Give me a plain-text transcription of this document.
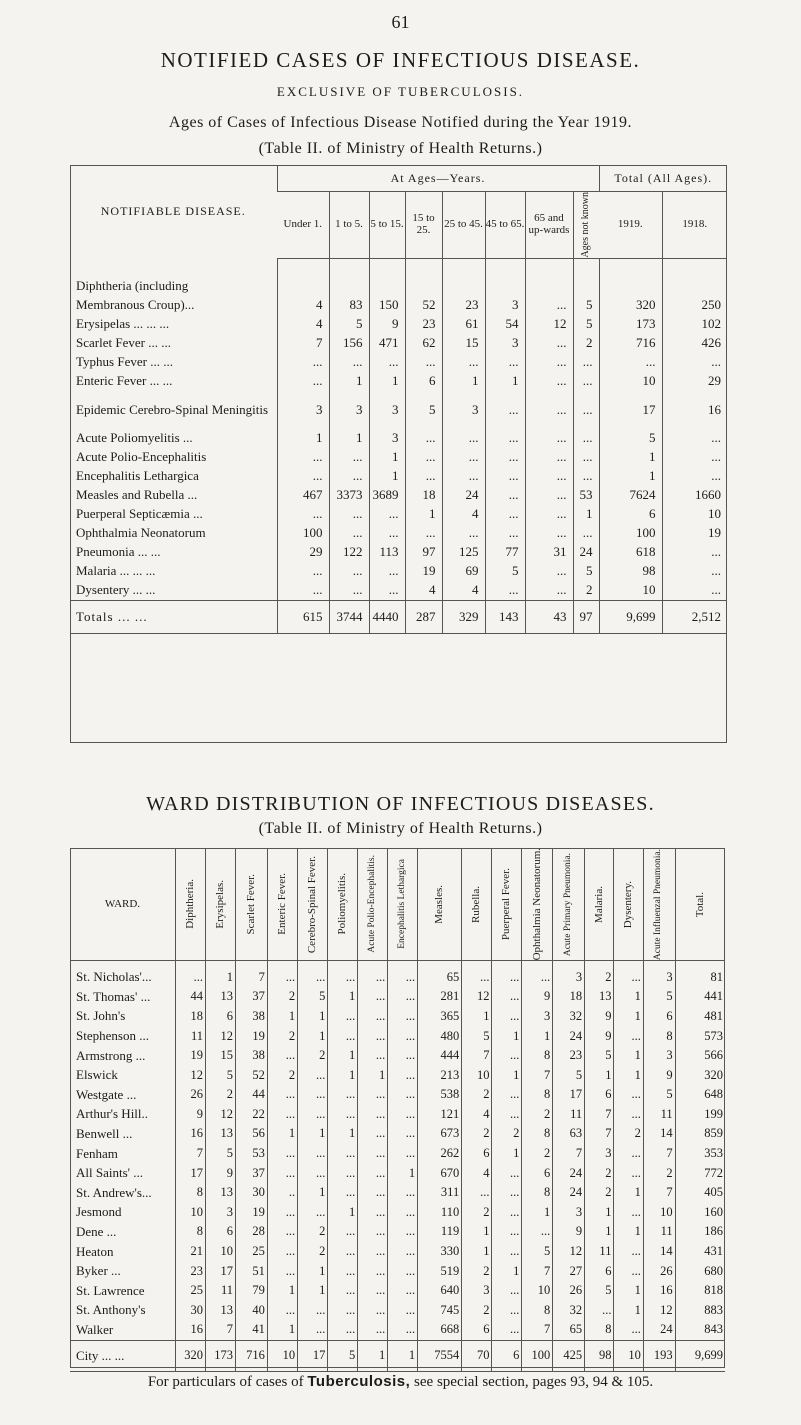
61
NOTIFIED CASES OF INFECTIOUS DISEASE.
EXCLUSIVE OF TUBERCULOSIS.
Ages of Cases of Infectious Disease Notified during the Year 1919.
(Table II. of Ministry of Health Returns.)
NOTIFIABLE DISEASE.	At Ages—Years.								Total (All Ages).	
	Under 1.	1 to 5.	5 to 15.	15 to 25.	25 to 45.	45 to 65.	65 and up-wards	Ages not known		

									1919.	1918.

Diphtheria (including										
Membranous Croup)...	4	83	150	52	23	3	...	5	320	250
Erysipelas ... ... ...	4	5	9	23	61	54	12	5	173	102
Scarlet Fever ... ...	7	156	471	62	15	3	...	2	716	426
Typhus Fever ... ...	...	...	...	...	...	...	...	...	...	...
Enteric Fever ... ...	...	1	1	6	1	1	...	...	10	29
Epidemic Cerebro-Spinal Meningitis	3	3	3	5	3	...	...	...	17	16
Acute Poliomyelitis ...	1	1	3	...	...	...	...	...	5	...
Acute Polio-Encephalitis	...	...	1	...	...	...	...	...	1	...
Encephalitis Lethargica	...	...	1	...	...	...	...	...	1	...
Measles and Rubella ...	467	3373	3689	18	24	...	...	53	7624	1660
Puerperal Septicæmia ...	...	...	...	1	4	...	...	1	6	10
Ophthalmia Neonatorum	100	...	...	...	...	...	...	...	100	19
Pneumonia ... ...	29	122	113	97	125	77	31	24	618	...
Malaria ... ... ...	...	...	...	19	69	5	...	5	98	...
Dysentery ... ...	...	...	...	4	4	...	...	2	10	...
Totals ... ...	615	3744	4440	287	329	143	43	97	9,699	2,512
WARD DISTRIBUTION OF INFECTIOUS DISEASES.
(Table II. of Ministry of Health Returns.)
WARD.	Diphtheria.	Erysipelas.	Scarlet Fever.	Enteric Fever.	Cerebro-Spinal Fever.	Poliomyelitis.	Acute Polio-Encephalitis.	Encephalitis Lethargica	Measles.	Rubella.	Puerperal Fever.	Ophthalmia Neonatorum.	Acute Primary Pneumonia.	Malaria.	Dysentery.	Acute Influenzal Pneumonia.	Total.

St. Nicholas'...	...	1	7	...	...	...	...	...	65	...	...	...	3	2	...	3	81
St. Thomas' ...	44	13	37	2	5	1	...	...	281	12	...	9	18	13	1	5	441
St. John's	18	6	38	1	1	...	...	...	365	1	...	3	32	9	1	6	481
Stephenson ...	11	12	19	2	1	...	...	...	480	5	1	1	24	9	...	8	573
Armstrong ...	19	15	38	...	2	1	...	...	444	7	...	8	23	5	1	3	566
Elswick	12	5	52	2	...	1	1	...	213	10	1	7	5	1	1	9	320
Westgate ...	26	2	44	...	...	...	...	...	538	2	...	8	17	6	...	5	648
Arthur's Hill..	9	12	22	...	...	...	...	...	121	4	...	2	11	7	...	11	199
Benwell ...	16	13	56	1	1	1	...	...	673	2	2	8	63	7	2	14	859
Fenham	7	5	53	...	...	...	...	...	262	6	1	2	7	3	...	7	353
All Saints' ...	17	9	37	...	...	...	...	1	670	4	...	6	24	2	...	2	772
St. Andrew's...	8	13	30	..	1	...	...	...	311	...	...	8	24	2	1	7	405
Jesmond	10	3	19	...	...	1	...	...	110	2	...	1	3	1	...	10	160
Dene ...	8	6	28	...	2	...	...	...	119	1	...	...	9	1	1	11	186
Heaton	21	10	25	...	2	...	...	...	330	1	...	5	12	11	...	14	431
Byker ...	23	17	51	...	1	...	...	...	519	2	1	7	27	6	...	26	680
St. Lawrence	25	11	79	1	1	...	...	...	640	3	...	10	26	5	1	16	818
St. Anthony's	30	13	40	...	...	...	...	...	745	2	...	8	32	...	1	12	883
Walker	16	7	41	1	...	...	...	...	668	6	...	7	65	8	...	24	843
City ... ...	320	173	716	10	17	5	1	1	7554	70	6	100	425	98	10	193	9,699
For particulars of cases of Tuberculosis, see special section, pages 93, 94 & 105.
